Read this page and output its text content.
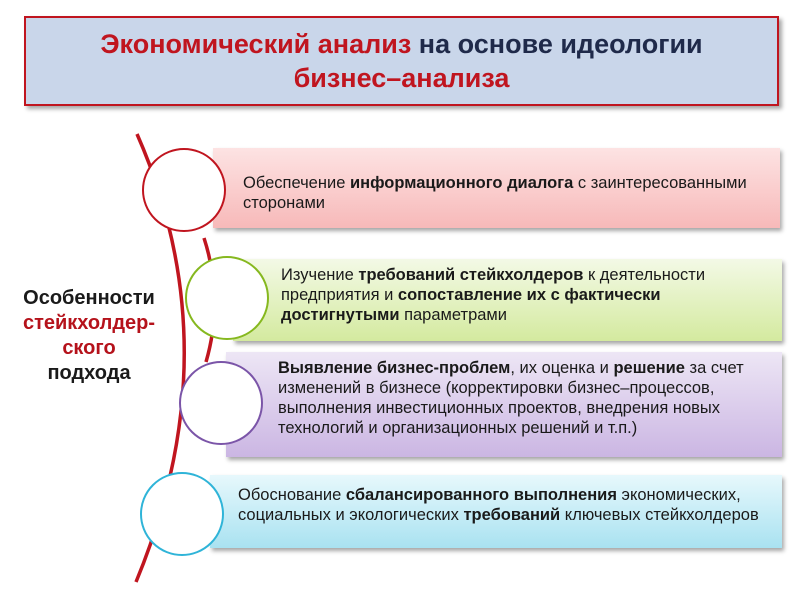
Экономический анализ на основе идеологии
бизнес–анализа
Особенности
стейкхолдер-
ского
подхода
Обеспечение информационного диалога с заинтересованными сторонами
Изучение требований стейкхолдеров к деятельности предприятия и сопоставление их с фактически достигнутыми параметрами
Выявление бизнес-проблем, их оценка и решение за счет изменений в бизнесе (корректировки бизнес–процессов, выполнения инвестиционных проектов, внедрения новых технологий и организационных решений и т.п.)
Обоснование сбалансированного выполнения экономических, социальных и экологических требований ключевых стейкхолдеров
